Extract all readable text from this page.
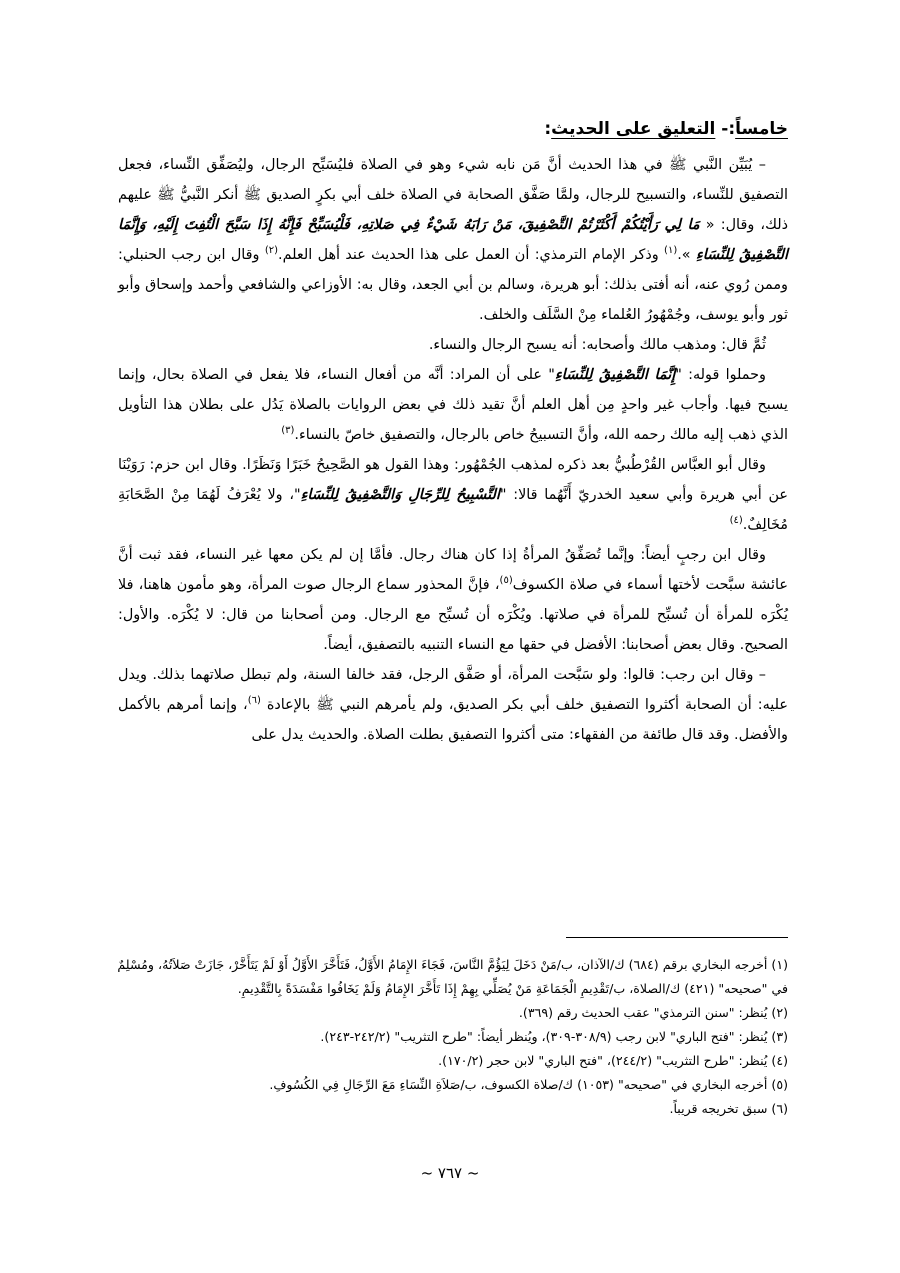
خامساً:- التعليق على الحديث:

– يُبَيِّن النَّبي ﷺ في هذا الحديث أنَّ مَن نابه شيء وهو في الصلاة فليُسَبِّح الرجال، وليُصَفِّق النِّساء، فجعل التصفيق للنِّساء، والتسبيح للرجال، ولمَّا صَفَّق الصحابة في الصلاة خلف أبي بكرٍ الصديق ﷺ أنكر النَّبيُّ ﷺ عليهم ذلك، وقال: « مَا لِي رَأَيْتُكُمْ أَكْثَرْتُمْ التَّصْفِيقَ، مَنْ رَابَهُ شَيْءٌ فِي صَلاتِهِ، فَلْيُسَبِّحْ فَإِنَّهُ إِذَا سَبَّحَ الْتُفِتَ إِلَيْهِ، وَإِنَّمَا التَّصْفِيقُ لِلنِّسَاءِ ».$^{(١)}$ وذكر الإمام الترمذي: أن العمل على هذا الحديث عند أهل العلم.$^{(٢)}$ وقال ابن رجب الحنبلي: وممن رُوي عنه، أنه أفتى بذلك: أبو هريرة، وسالم بن أبي الجعد، وقال به: الأوزاعي والشافعي وأحمد وإسحاق وأبو ثور وأبو يوسف، وجُمْهُورُ العُلماء مِنْ السَّلَف والخلف.

ثُمَّ قال: ومذهب مالك وأصحابه: أنه يسبح الرجال والنساء.

وحملوا قوله: "إِنَّمَا التَّصْفِيقُ لِلنِّسَاءِ" على أن المراد: أنَّه من أفعال النساء، فلا يفعل في الصلاة بحال، وإنما يسبح فيها. وأجاب غير واحدٍ مِن أهل العلم أنَّ تقيد ذلك في بعض الروايات بالصلاة يَدُل على بطلان هذا التأويل الذي ذهب إليه مالك رحمه الله، وأنَّ التسبيحُ خاص بالرجال، والتصفيق خاصّ بالنساء.$^{(٣)}$

وقال أبو العبَّاس القُرْطُبيُّ بعد ذكره لمذهب الجُمْهُور: وهذا القول هو الصَّحِيحُ خَبَرًا وَنَظَرًا. وقال ابن حزم: رَوَيْنَا عن أبي هريرة وأبي سعيد الخدريّ أَنَّهُما قالا: "التَّسْبِيحُ لِلرِّجَالِ وَالتَّصْفِيقُ لِلنِّسَاءِ"، ولا يُعْرَفُ لَهُمَا مِنْ الصَّحَابَةِ مُخَالِفٌ.$^{(٤)}$

وقال ابن رجبٍ أيضاً: وإنَّما تُصَفِّقُ المرأةُ إذا كان هناك رجال. فأمَّا إن لم يكن معها غير النساء، فقد ثبت أنَّ عائشة سبَّحت لأختها أسماء في صلاة الكسوف$^{(٥)}$، فإنَّ المحذور سماع الرجال صوت المرأة، وهو مأمون هاهنا، فلا يُكْرَه للمرأة أن تُسبِّح للمرأة في صلاتها. ويُكْرَه أن تُسبِّح مع الرجال. ومن أصحابنا من قال: لا يُكْرَه. والأول: الصحيح. وقال بعض أصحابنا: الأفضل في حقها مع النساء التنبيه بالتصفيق، أيضاً.

– وقال ابن رجب: قالوا: ولو سَبَّحت المرأة، أو صَفَّق الرجل، فقد خالفا السنة، ولم تبطل صلاتهما بذلك. ويدل عليه: أن الصحابة أكثروا التصفيق خلف أبي بكر الصديق، ولم يأمرهم النبي ﷺ بالإعادة $^{(٦)}$، وإنما أمرهم بالأكمل والأفضل. وقد قال طائفة من الفقهاء: متى أكثروا التصفيق بطلت الصلاة. والحديث يدل على

(١) أخرجه البخاري برقم (٦٨٤) ك/الآذان، ب/مَنْ دَخَلَ لِيَؤُمَّ النَّاسَ، فَجَاءَ الإِمَامُ الأَوَّلُ، فَتَأَخَّرَ الأَوَّلُ أَوْ لَمْ يَتَأَخَّرْ، جَازَتْ صَلاَتُهُ، ومُسْلِمٌ في "صحيحه" (٤٢١) ك/الصلاة، ب/تَقْدِيمِ الْجَمَاعَةِ مَنْ يُصَلِّي بِهِمْ إِذَا تَأَخَّرَ الإِمَامُ وَلَمْ يَخَافُوا مَفْسَدَةً بِالتَّقْدِيمِ.

(٢) يُنظر: "سنن الترمذي" عقب الحديث رقم (٣٦٩).

(٣) يُنظر: "فتح الباري" لابن رجب (٣٠٨/٩-٣٠٩)، ويُنظر أيضاً: "طرح التثريب" (٢٤٢/٢-٢٤٣).

(٤) يُنظر: "طرح التثريب" (٢٤٤/٢)، "فتح الباري" لابن حجر (١٧٠/٢).

(٥) أخرجه البخاري في "صحيحه" (١٠٥٣) ك/صلاة الكسوف، ب/صَلاَةِ النِّسَاءِ مَعَ الرِّجَالِ فِي الكُسُوفِ.

(٦) سبق تخريجه قريباً.

~ ٧٦٧ ~
